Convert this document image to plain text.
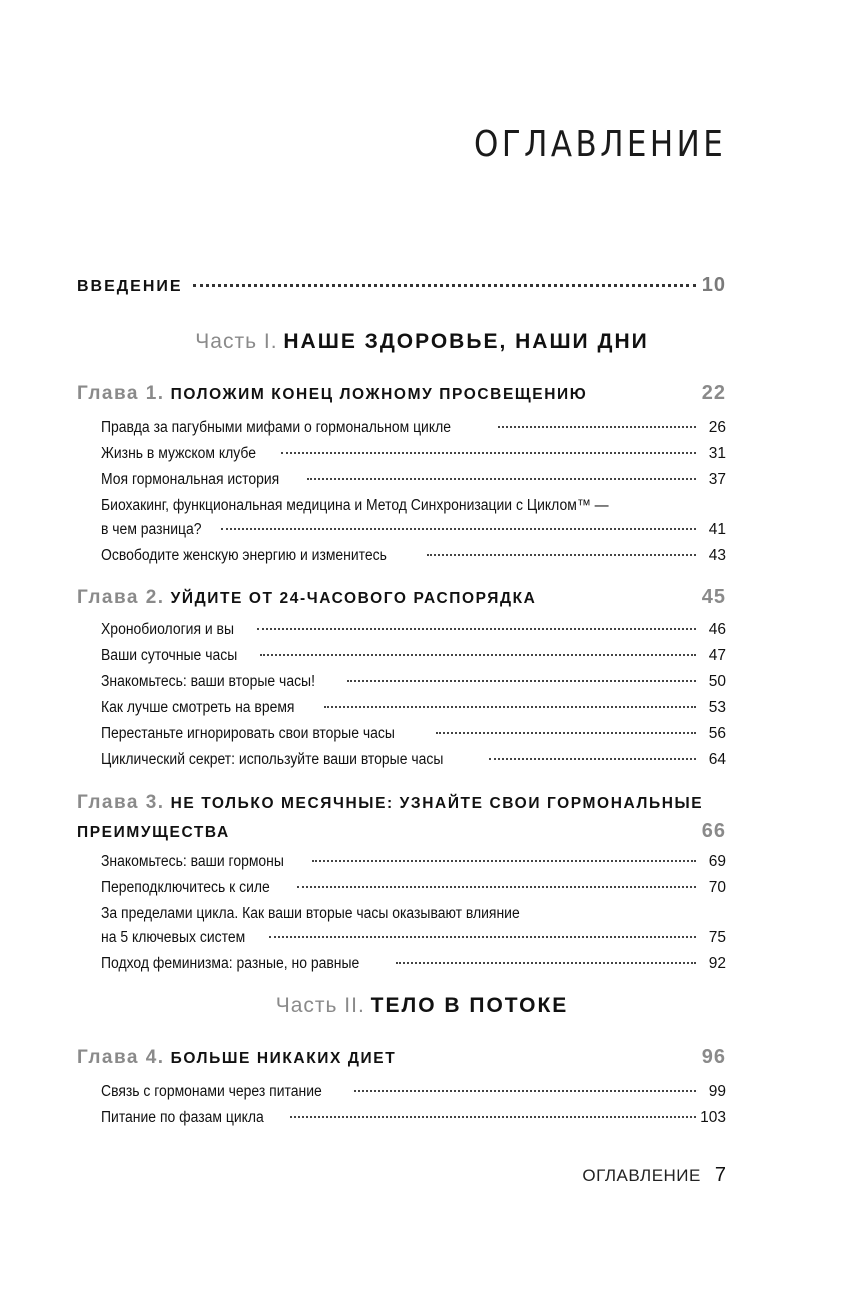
ОГЛАВЛЕНИЕ
ВВЕДЕНИЕ	10
Часть I. НАШЕ ЗДОРОВЬЕ, НАШИ ДНИ
Глава 1. ПОЛОЖИМ КОНЕЦ ЛОЖНОМУ ПРОСВЕЩЕНИЮ	22
Правда за пагубными мифами о гормональном цикле	26
Жизнь в мужском клубе	31
Моя гормональная история	37
Биохакинг, функциональная медицина и Метод Синхронизации с Циклом™ —
в чем разница?	41
Освободите женскую энергию и изменитесь	43
Глава 2. УЙДИТЕ ОТ 24-ЧАСОВОГО РАСПОРЯДКА	45
Хронобиология и вы	46
Ваши суточные часы	47
Знакомьтесь: ваши вторые часы!	50
Как лучше смотреть на время	53
Перестаньте игнорировать свои вторые часы	56
Циклический секрет: используйте ваши вторые часы	64
Глава 3. НЕ ТОЛЬКО МЕСЯЧНЫЕ: УЗНАЙТЕ СВОИ ГОРМОНАЛЬНЫЕ
ПРЕИМУЩЕСТВА	66
Знакомьтесь: ваши гормоны	69
Переподключитесь к силе	70
За пределами цикла. Как ваши вторые часы оказывают влияние
на 5 ключевых систем	75
Подход феминизма: разные, но равные	92
Часть II. ТЕЛО В ПОТОКЕ
Глава 4. БОЛЬШЕ НИКАКИХ ДИЕТ	96
Связь с гормонами через питание	99
Питание по фазам цикла	103
ОГЛАВЛЕНИЕ 7
